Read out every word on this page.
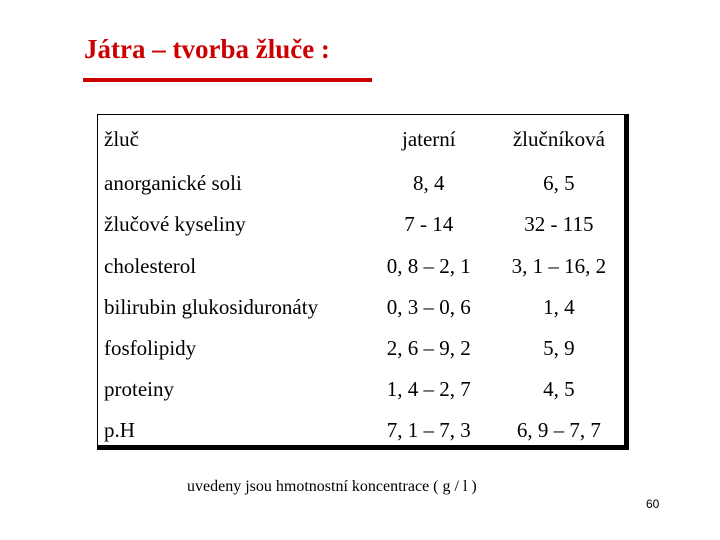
Játra – tvorba žluče :
žluč	jaterní	žlučníková
anorganické soli	8, 4	6, 5
žlučové kyseliny	7 - 14	32 - 115
cholesterol	0, 8 – 2, 1	3, 1 – 16, 2
bilirubin glukosiduronáty	0, 3 – 0, 6	1, 4
fosfolipidy	2, 6 – 9, 2	5, 9
proteiny	1, 4 – 2, 7	4, 5
p.H	7, 1 – 7, 3	6, 9 – 7, 7
uvedeny jsou hmotnostní koncentrace ( g / l )
60
